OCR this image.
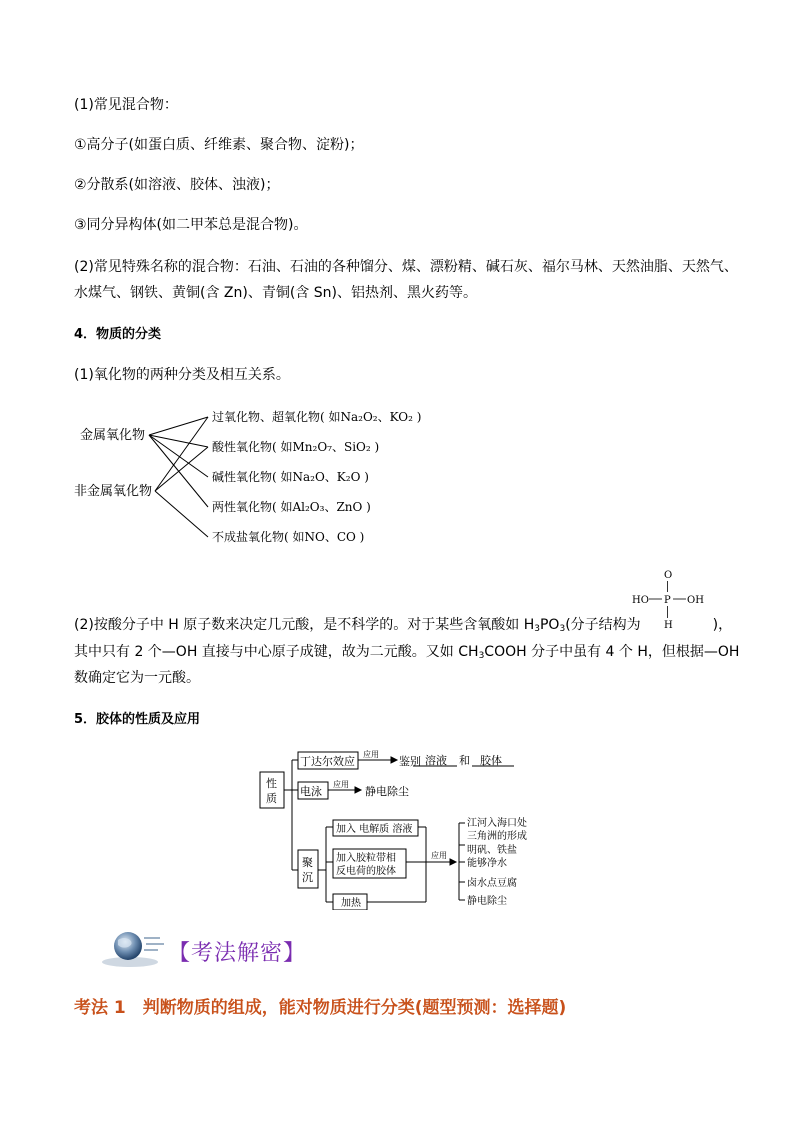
(1)常见混合物：
①高分子(如蛋白质、纤维素、聚合物、淀粉)；
②分散系(如溶液、胶体、浊液)；
③同分异构体(如二甲苯总是混合物)。
(2)常见特殊名称的混合物：石油、石油的各种馏分、煤、漂粉精、碱石灰、福尔马林、天然油脂、天然气、
水煤气、钢铁、黄铜(含 Zn)、青铜(含 Sn)、铝热剂、黑火药等。
4．物质的分类
(1)氧化物的两种分类及相互关系。
金属氧化物
非金属氧化物
过氧化物、超氧化物( 如Na₂O₂、KO₂ )
酸性氧化物( 如Mn₂O₇、SiO₂ )
碱性氧化物( 如Na₂O、K₂O )
两性氧化物( 如Al₂O₃、ZnO )
不成盐氧化物( 如NO、CO )
O
HO P OH
H
(2)按酸分子中 H 原子数来决定几元酸，是不科学的。对于某些含氧酸如 $H_3PO_3$(分子结构为	)，
其中只有 2 个—OH 直接与中心原子成键，故为二元酸。又如 $CH_3COOH$ 分子中虽有 4 个 H，但根据—OH
数确定它为一元酸。
5．胶体的性质及应用
性
质
丁达尔效应
应用
鉴别 溶液 和 胶体
电泳
应用
静电除尘
聚
沉
加入 电解质 溶液
加入胶粒带相
反电荷的胶体
加热
应用
江河入海口处
三角洲的形成
明矾、铁盐
能够净水
卤水点豆腐
静电除尘
【考法解密】
考法 1　判断物质的组成，能对物质进行分类(题型预测：选择题)
